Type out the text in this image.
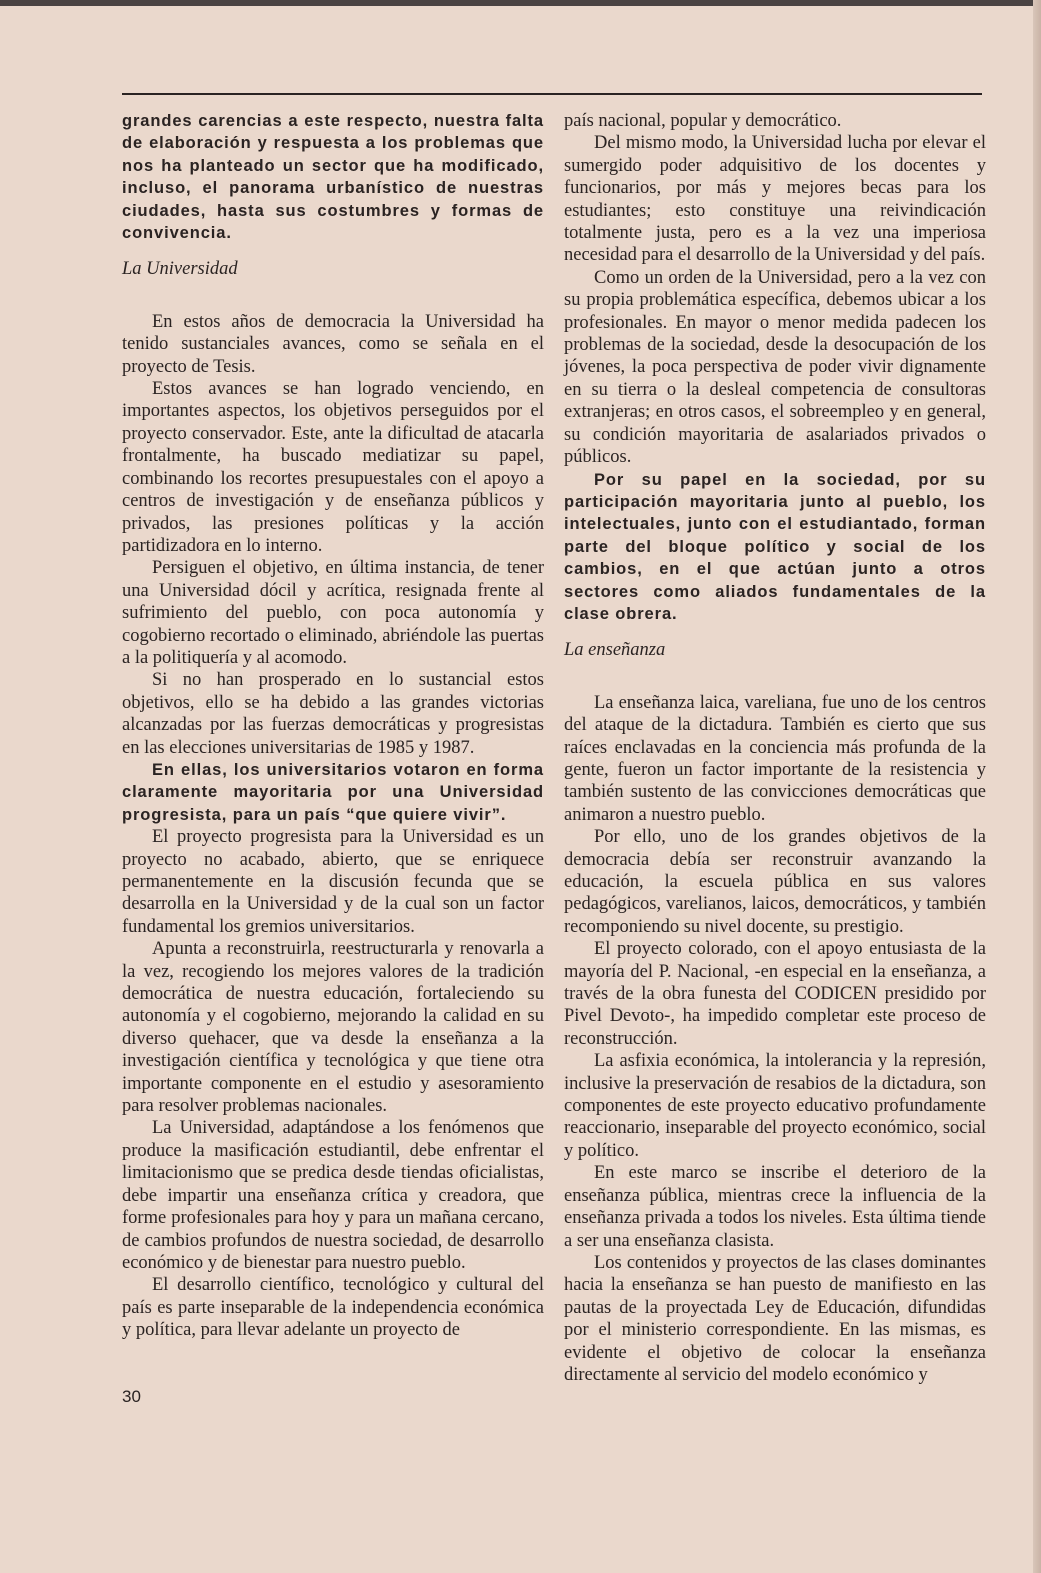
grandes carencias a este respecto, nuestra falta de elaboración y respuesta a los problemas que nos ha planteado un sector que ha modificado, incluso, el panorama urbanístico de nuestras ciudades, hasta sus costumbres y formas de convivencia.

La Universidad

En estos años de democracia la Universidad ha tenido sustanciales avances, como se señala en el proyecto de Tesis.

Estos avances se han logrado venciendo, en importantes aspectos, los objetivos perseguidos por el proyecto conservador. Este, ante la dificultad de atacarla frontalmente, ha buscado mediatizar su papel, combinando los recortes presupuestales con el apoyo a centros de investigación y de enseñanza públicos y privados, las presiones políticas y la acción partidizadora en lo interno.

Persiguen el objetivo, en última instancia, de tener una Universidad dócil y acrítica, resignada frente al sufrimiento del pueblo, con poca autonomía y cogobierno recortado o eliminado, abriéndole las puertas a la politiquería y al acomodo.

Si no han prosperado en lo sustancial estos objetivos, ello se ha debido a las grandes victorias alcanzadas por las fuerzas democráticas y progresistas en las elecciones universitarias de 1985 y 1987.

En ellas, los universitarios votaron en forma claramente mayoritaria por una Universidad progresista, para un país “que quiere vivir”.

El proyecto progresista para la Universidad es un proyecto no acabado, abierto, que se enriquece permanentemente en la discusión fecunda que se desarrolla en la Universidad y de la cual son un factor fundamental los gremios universitarios.

Apunta a reconstruirla, reestructurarla y renovarla a la vez, recogiendo los mejores valores de la tradición democrática de nuestra educación, fortaleciendo su autonomía y el cogobierno, mejorando la calidad en su diverso quehacer, que va desde la enseñanza a la investigación científica y tecnológica y que tiene otra importante componente en el estudio y asesoramiento para resolver problemas nacionales.

La Universidad, adaptándose a los fenómenos que produce la masificación estudiantil, debe enfrentar el limitacionismo que se predica desde tiendas oficialistas, debe impartir una enseñanza crítica y creadora, que forme profesionales para hoy y para un mañana cercano, de cambios profundos de nuestra sociedad, de desarrollo económico y de bienestar para nuestro pueblo.

El desarrollo científico, tecnológico y cultural del país es parte inseparable de la independencia económica y política, para llevar adelante un proyecto de

país nacional, popular y democrático.

Del mismo modo, la Universidad lucha por elevar el sumergido poder adquisitivo de los docentes y funcionarios, por más y mejores becas para los estudiantes; esto constituye una reivindicación totalmente justa, pero es a la vez una imperiosa necesidad para el desarrollo de la Universidad y del país.

Como un orden de la Universidad, pero a la vez con su propia problemática específica, debemos ubicar a los profesionales. En mayor o menor medida padecen los problemas de la sociedad, desde la desocupación de los jóvenes, la poca perspectiva de poder vivir dignamente en su tierra o la desleal competencia de consultoras extranjeras; en otros casos, el sobreempleo y en general, su condición mayoritaria de asalariados privados o públicos.

Por su papel en la sociedad, por su participación mayoritaria junto al pueblo, los intelectuales, junto con el estudiantado, forman parte del bloque político y social de los cambios, en el que actúan junto a otros sectores como aliados fundamentales de la clase obrera.

La enseñanza

La enseñanza laica, vareliana, fue uno de los centros del ataque de la dictadura. También es cierto que sus raíces enclavadas en la conciencia más profunda de la gente, fueron un factor importante de la resistencia y también sustento de las convicciones democráticas que animaron a nuestro pueblo.

Por ello, uno de los grandes objetivos de la democracia debía ser reconstruir avanzando la educación, la escuela pública en sus valores pedagógicos, varelianos, laicos, democráticos, y también recomponiendo su nivel docente, su prestigio.

El proyecto colorado, con el apoyo entusiasta de la mayoría del P. Nacional, -en especial en la enseñanza, a través de la obra funesta del CODICEN presidido por Pivel Devoto-, ha impedido completar este proceso de reconstrucción.

La asfixia económica, la intolerancia y la represión, inclusive la preservación de resabios de la dictadura, son componentes de este proyecto educativo profundamente reaccionario, inseparable del proyecto económico, social y político.

En este marco se inscribe el deterioro de la enseñanza pública, mientras crece la influencia de la enseñanza privada a todos los niveles. Esta última tiende a ser una enseñanza clasista.

Los contenidos y proyectos de las clases dominantes hacia la enseñanza se han puesto de manifiesto en las pautas de la proyectada Ley de Educación, difundidas por el ministerio correspondiente. En las mismas, es evidente el objetivo de colocar la enseñanza directamente al servicio del modelo económico y

30
